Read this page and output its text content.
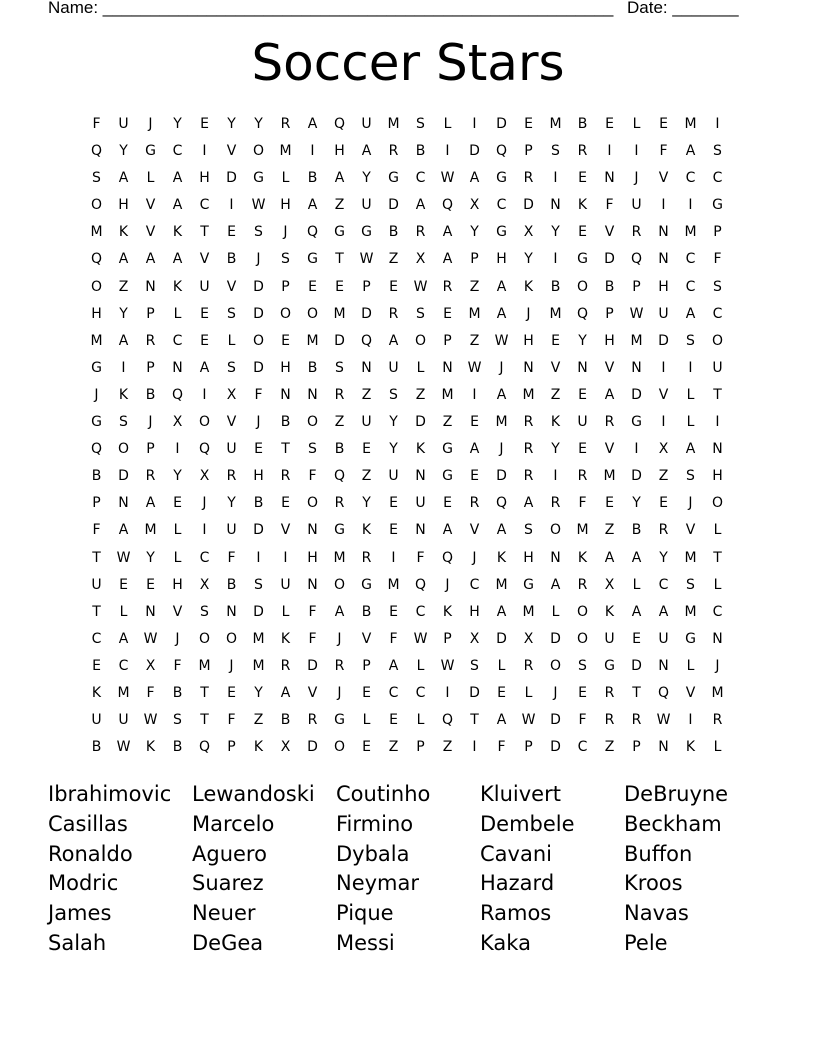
Name: ______________________________________________________ Date: _______
Soccer Stars
F	U	J	Y	E	Y	Y	R	A	Q	U	M	S	L	I	D	E	M	B	E	L	E	M	I
Q	Y	G	C	I	V	O	M	I	H	A	R	B	I	D	Q	P	S	R	I	I	F	A	S
S	A	L	A	H	D	G	L	B	A	Y	G	C	W	A	G	R	I	E	N	J	V	C	C
O	H	V	A	C	I	W	H	A	Z	U	D	A	Q	X	C	D	N	K	F	U	I	I	G
M	K	V	K	T	E	S	J	Q	G	G	B	R	A	Y	G	X	Y	E	V	R	N	M	P
Q	A	A	A	V	B	J	S	G	T	W	Z	X	A	P	H	Y	I	G	D	Q	N	C	F
O	Z	N	K	U	V	D	P	E	E	P	E	W	R	Z	A	K	B	O	B	P	H	C	S
H	Y	P	L	E	S	D	O	O	M	D	R	S	E	M	A	J	M	Q	P	W	U	A	C
M	A	R	C	E	L	O	E	M	D	Q	A	O	P	Z	W	H	E	Y	H	M	D	S	O
G	I	P	N	A	S	D	H	B	S	N	U	L	N	W	J	N	V	N	V	N	I	I	U
J	K	B	Q	I	X	F	N	N	R	Z	S	Z	M	I	A	M	Z	E	A	D	V	L	T
G	S	J	X	O	V	J	B	O	Z	U	Y	D	Z	E	M	R	K	U	R	G	I	L	I
Q	O	P	I	Q	U	E	T	S	B	E	Y	K	G	A	J	R	Y	E	V	I	X	A	N
B	D	R	Y	X	R	H	R	F	Q	Z	U	N	G	E	D	R	I	R	M	D	Z	S	H
P	N	A	E	J	Y	B	E	O	R	Y	E	U	E	R	Q	A	R	F	E	Y	E	J	O
F	A	M	L	I	U	D	V	N	G	K	E	N	A	V	A	S	O	M	Z	B	R	V	L
T	W	Y	L	C	F	I	I	H	M	R	I	F	Q	J	K	H	N	K	A	A	Y	M	T
U	E	E	H	X	B	S	U	N	O	G	M	Q	J	C	M	G	A	R	X	L	C	S	L
T	L	N	V	S	N	D	L	F	A	B	E	C	K	H	A	M	L	O	K	A	A	M	C
C	A	W	J	O	O	M	K	F	J	V	F	W	P	X	D	X	D	O	U	E	U	G	N
E	C	X	F	M	J	M	R	D	R	P	A	L	W	S	L	R	O	S	G	D	N	L	J
K	M	F	B	T	E	Y	A	V	J	E	C	C	I	D	E	L	J	E	R	T	Q	V	M
U	U	W	S	T	F	Z	B	R	G	L	E	L	Q	T	A	W	D	F	R	R	W	I	R
B	W	K	B	Q	P	K	X	D	O	E	Z	P	Z	I	F	P	D	C	Z	P	N	K	L
Ibrahimovic Lewandoski	Coutinho	Kluivert	DeBruyne
Casillas	Marcelo	Firmino	Dembele	Beckham
Ronaldo	Aguero	Dybala	Cavani	Buffon
Modric	Suarez	Neymar	Hazard	Kroos
James	Neuer	Pique	Ramos	Navas
Salah	DeGea	Messi	Kaka	Pele
